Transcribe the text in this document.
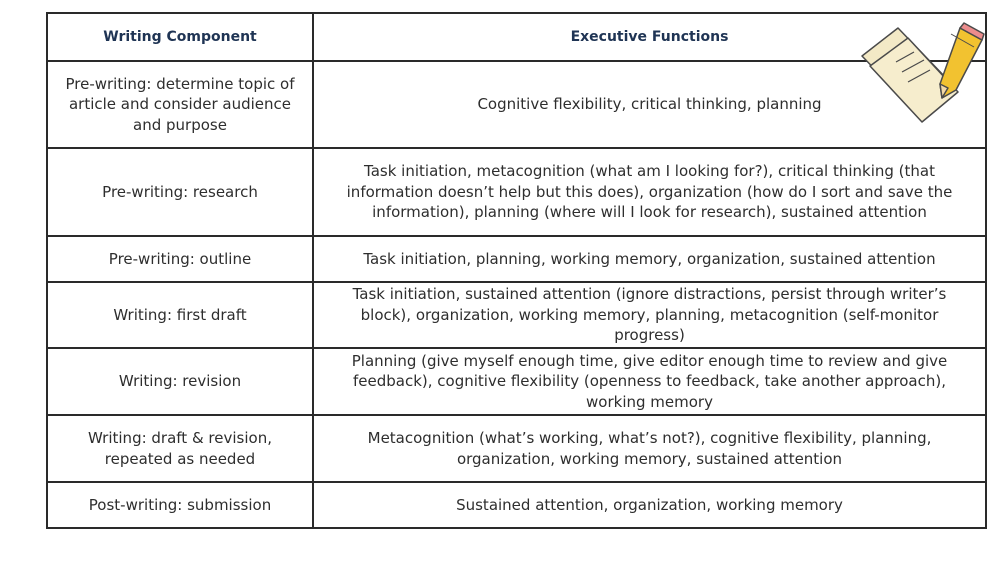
Writing Component	Executive Functions
Pre-writing: determine topic of article and consider audience and purpose	Cognitive flexibility, critical thinking, planning
Pre-writing: research	Task initiation, metacognition (what am I looking for?), critical thinking (that information doesn’t help but this does), organization (how do I sort and save the information), planning (where will I look for research), sustained attention
Pre-writing: outline	Task initiation, planning, working memory, organization, sustained attention
Writing: first draft	Task initiation, sustained attention (ignore distractions, persist through writer’s block), organization, working memory, planning, metacognition (self-monitor progress)
Writing: revision	Planning (give myself enough time, give editor enough time to review and give feedback), cognitive flexibility (openness to feedback, take another approach), working memory
Writing: draft & revision, repeated as needed	Metacognition (what’s working, what’s not?), cognitive flexibility, planning, organization, working memory, sustained attention
Post-writing: submission	Sustained attention, organization, working memory
